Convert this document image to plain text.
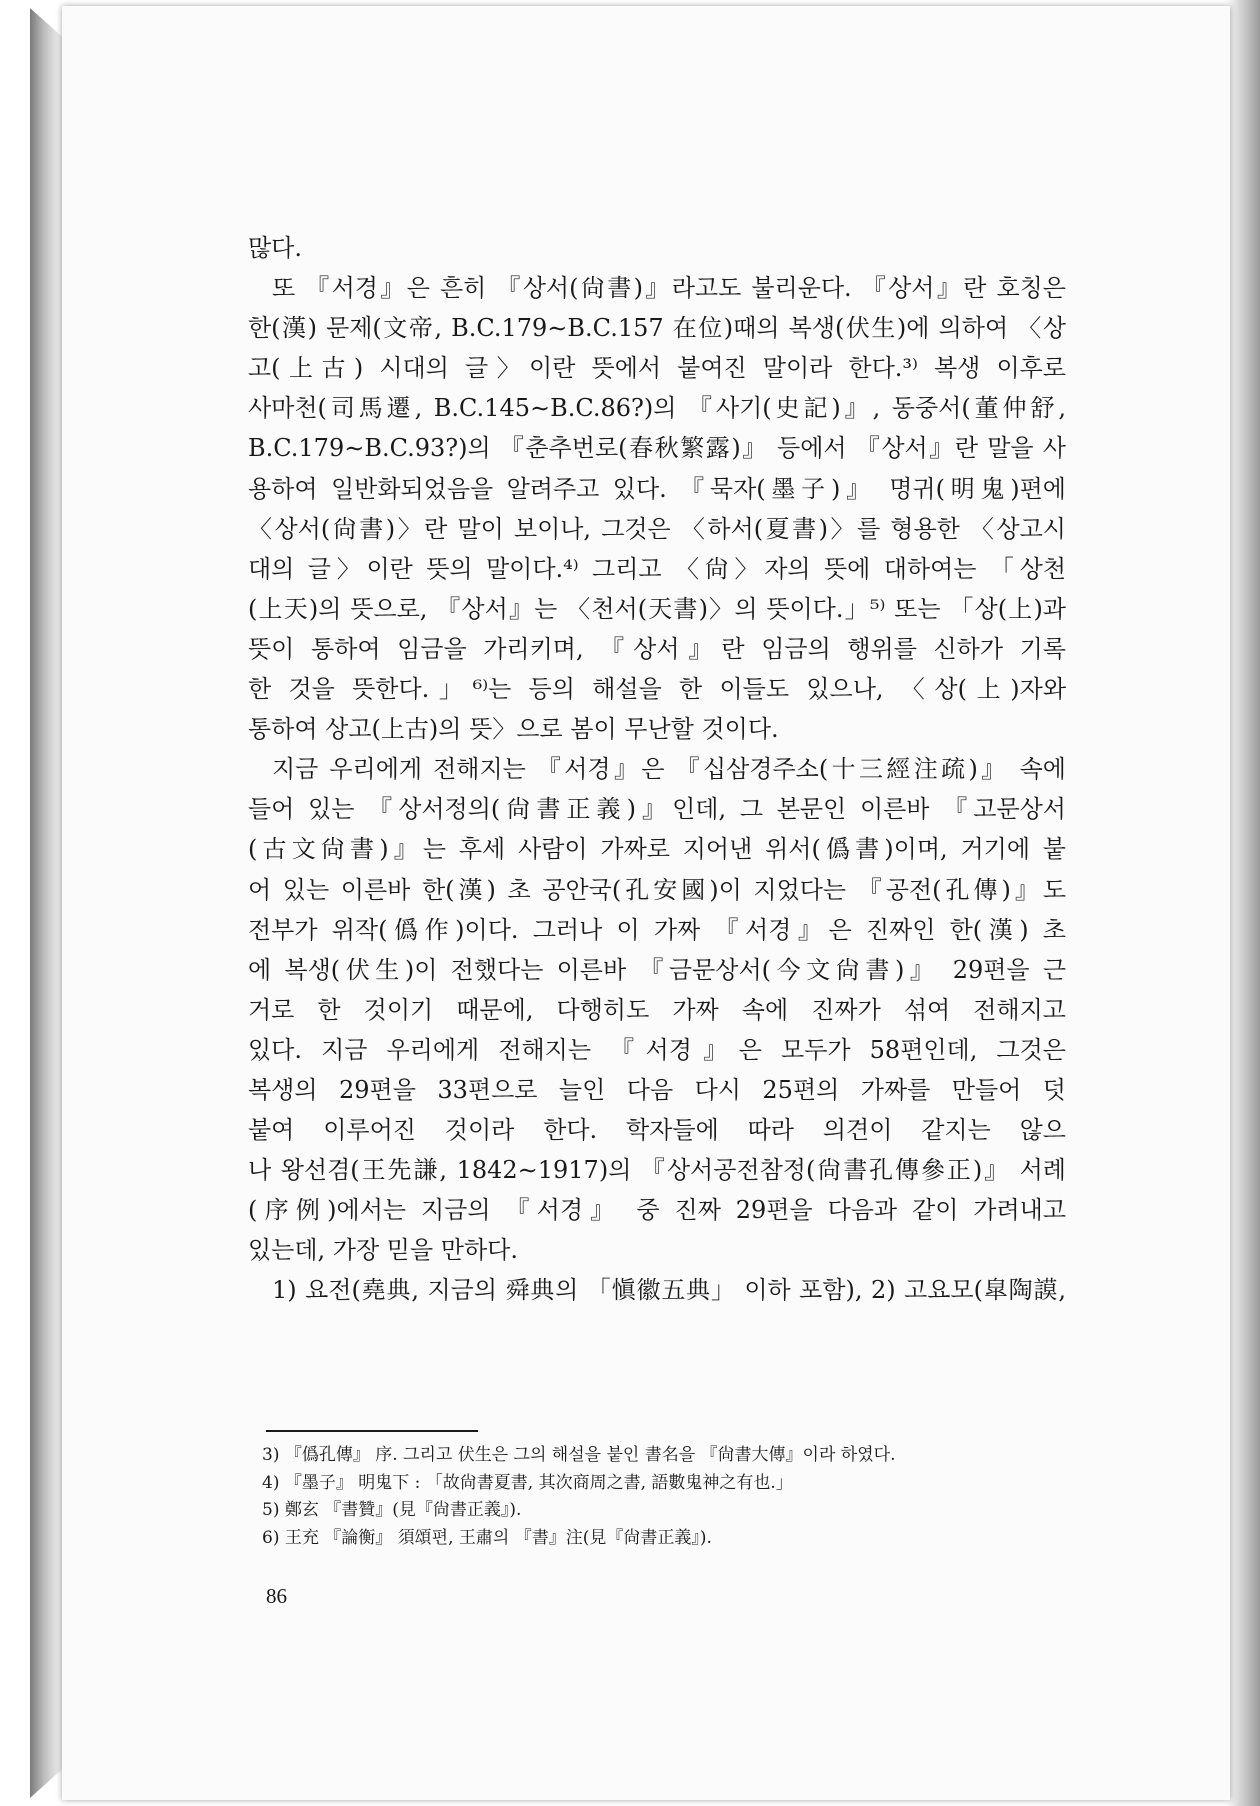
많다.
또 『서경』은 흔히 『상서(尙書)』라고도 불리운다. 『상서』란 호칭은
한(漢) 문제(文帝, B.C.179∼B.C.157 在位)때의 복생(伏生)에 의하여 〈상
고(上古) 시대의 글〉이란 뜻에서 붙여진 말이라 한다.³⁾ 복생 이후로
사마천(司馬遷, B.C.145∼B.C.86?)의 『사기(史記)』, 동중서(董仲舒,
B.C.179∼B.C.93?)의 『춘추번로(春秋繁露)』 등에서 『상서』란 말을 사
용하여 일반화되었음을 알려주고 있다. 『묵자(墨子)』 명귀(明鬼)편에
〈상서(尙書)〉란 말이 보이나, 그것은 〈하서(夏書)〉를 형용한 〈상고시
대의 글〉이란 뜻의 말이다.⁴⁾ 그리고 〈尙〉자의 뜻에 대하여는 「상천
(上天)의 뜻으로, 『상서』는 〈천서(天書)〉의 뜻이다.」⁵⁾ 또는 「상(上)과
뜻이 통하여 임금을 가리키며, 『상서』란 임금의 행위를 신하가 기록
한 것을 뜻한다.」⁶⁾는 등의 해설을 한 이들도 있으나, 〈상(上)자와
통하여 상고(上古)의 뜻〉으로 봄이 무난할 것이다.
지금 우리에게 전해지는 『서경』은 『십삼경주소(十三經注疏)』 속에
들어 있는 『상서정의(尙書正義)』인데, 그 본문인 이른바 『고문상서
(古文尙書)』는 후세 사람이 가짜로 지어낸 위서(僞書)이며, 거기에 붙
어 있는 이른바 한(漢) 초 공안국(孔安國)이 지었다는 『공전(孔傳)』도
전부가 위작(僞作)이다. 그러나 이 가짜 『서경』은 진짜인 한(漢) 초
에 복생(伏生)이 전했다는 이른바 『금문상서(今文尙書)』 29편을 근
거로 한 것이기 때문에, 다행히도 가짜 속에 진짜가 섞여 전해지고
있다. 지금 우리에게 전해지는 『서경』은 모두가 58편인데, 그것은
복생의 29편을 33편으로 늘인 다음 다시 25편의 가짜를 만들어 덧
붙여 이루어진 것이라 한다. 학자들에 따라 의견이 같지는 않으
나 왕선겸(王先謙, 1842∼1917)의 『상서공전참정(尙書孔傳參正)』 서례
(序例)에서는 지금의 『서경』 중 진짜 29편을 다음과 같이 가려내고
있는데, 가장 믿을 만하다.
1) 요전(堯典, 지금의 舜典의 「愼徽五典」 이하 포함), 2) 고요모(皐陶謨,
3) 『僞孔傳』 序. 그리고 伏生은 그의 해설을 붙인 書名을 『尙書大傳』이라 하였다.
4) 『墨子』 明鬼下 : 「故尙書夏書, 其次商周之書, 語數鬼神之有也.」
5) 鄭玄 『書贊』(見『尙書正義』).
6) 王充 『論衡』 須頌편, 王肅의 『書』注(見『尙書正義』).
86
